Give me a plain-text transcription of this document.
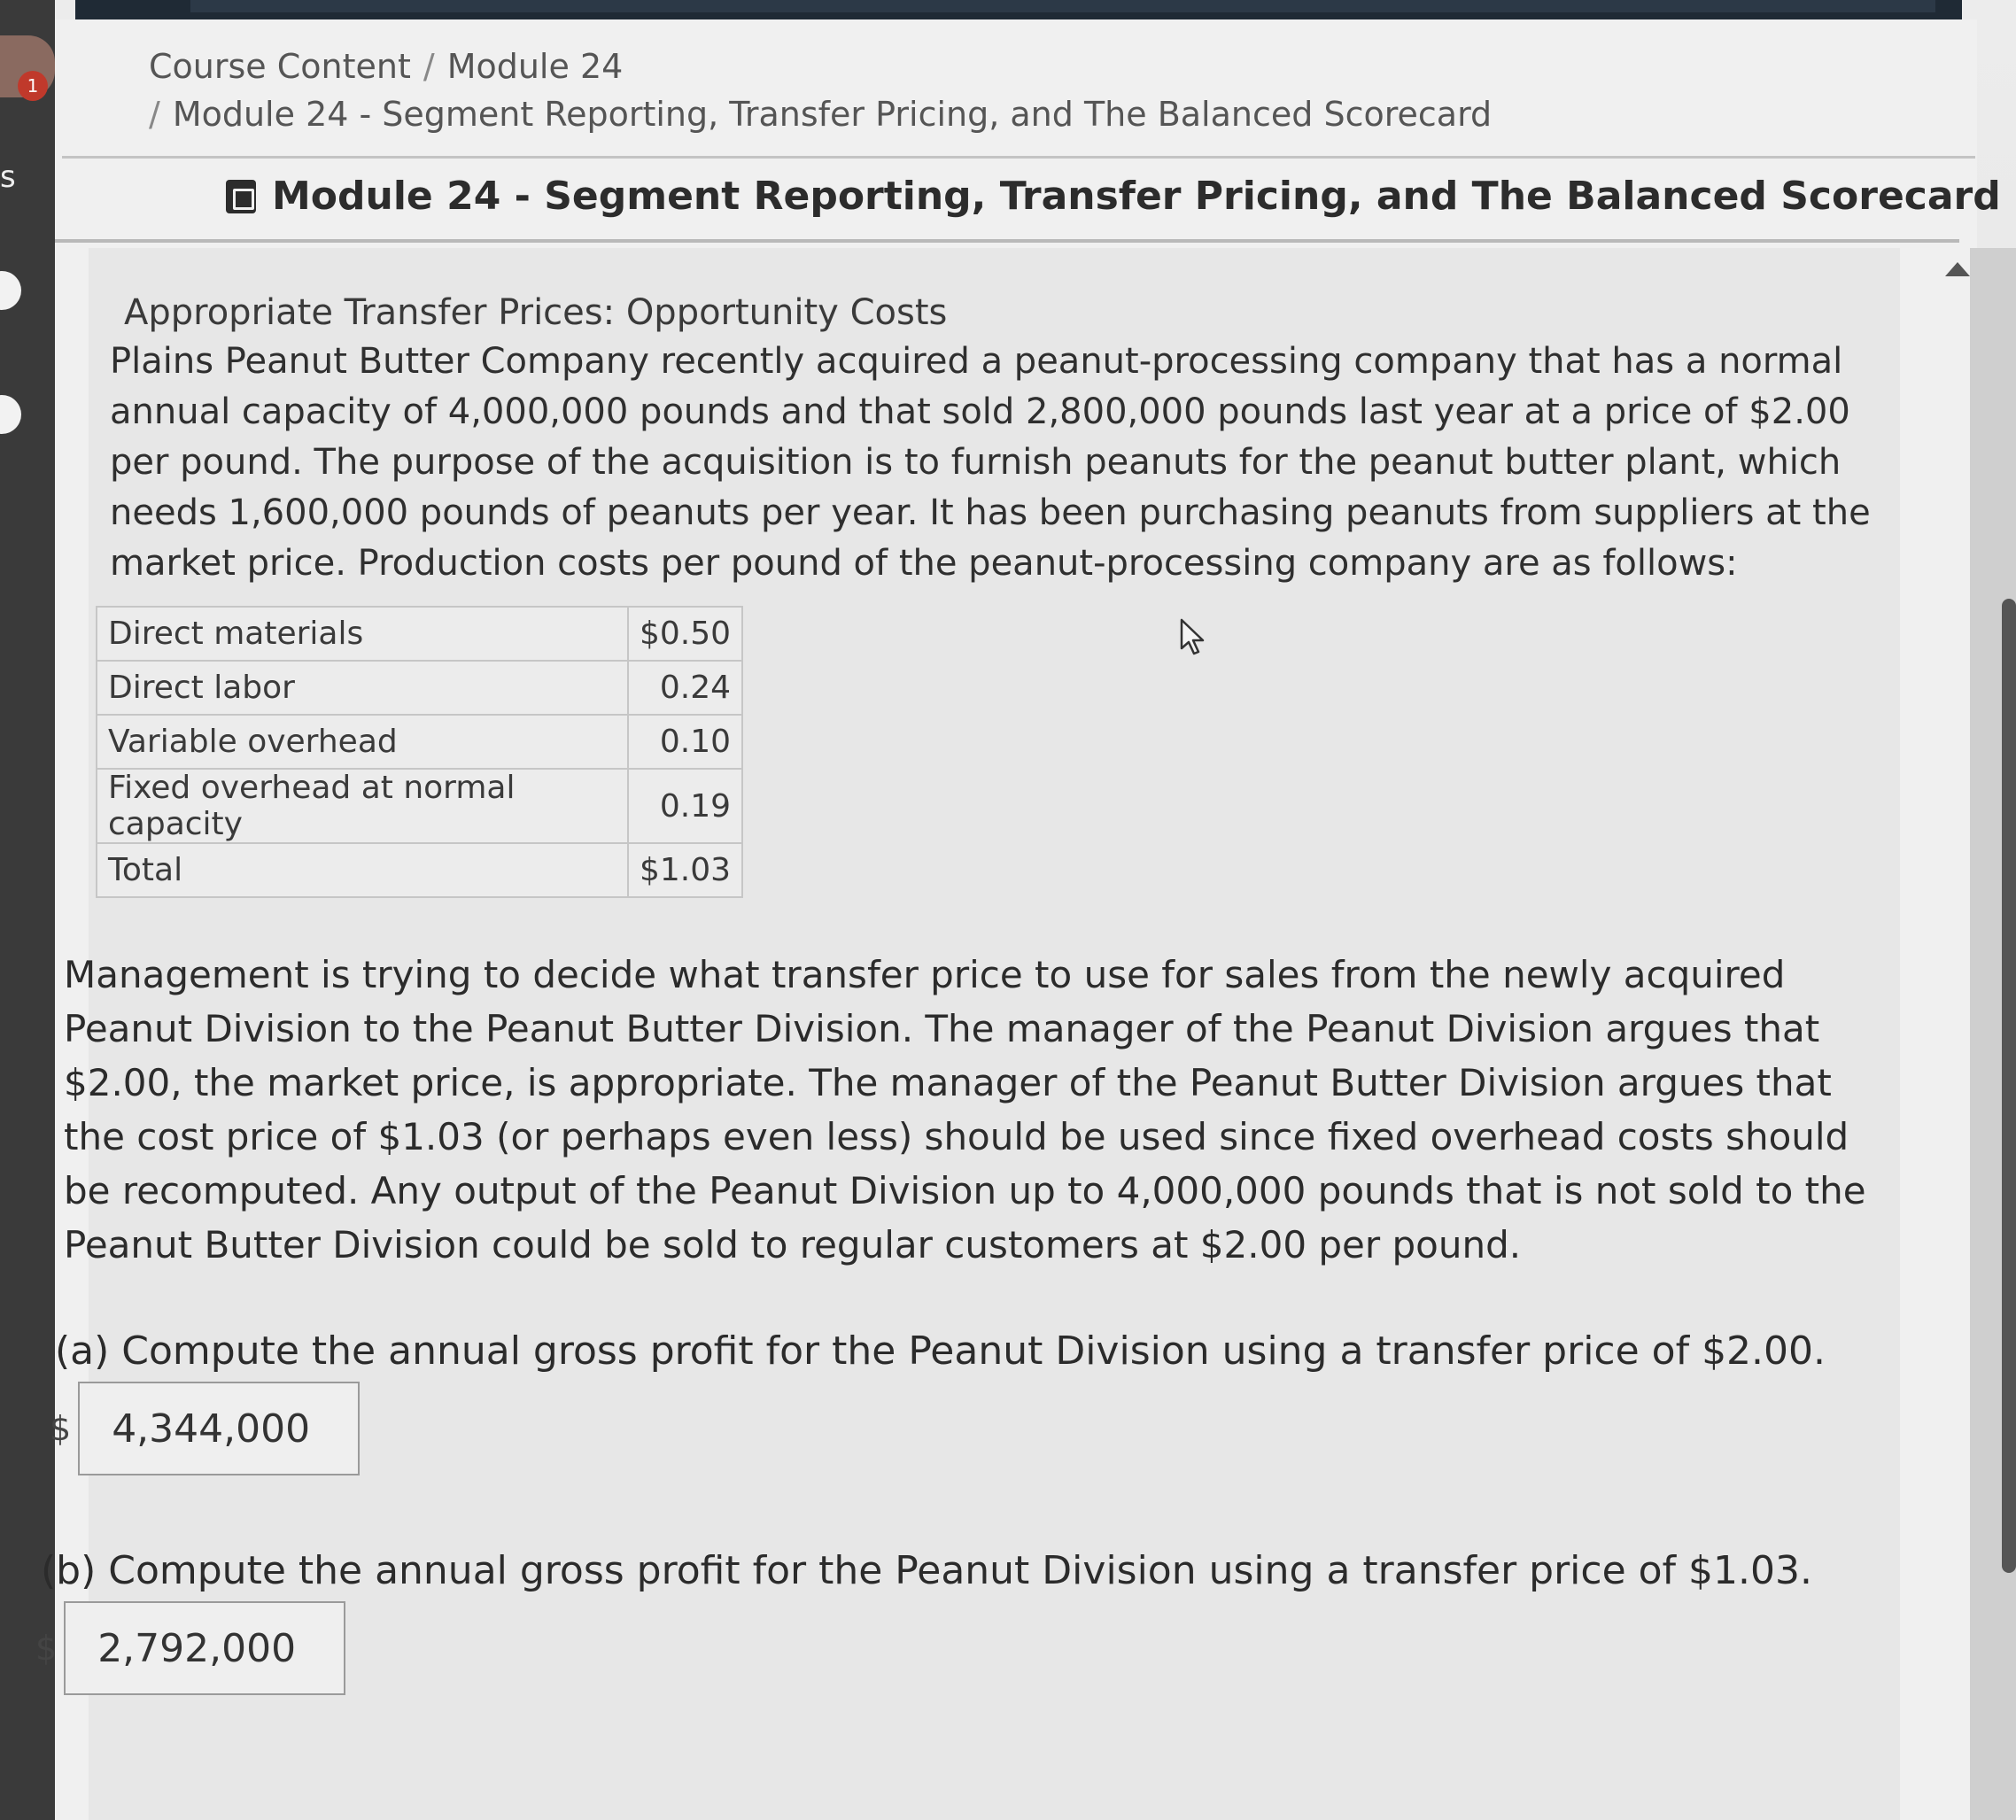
1
s
Course Content / Module 24
/ Module 24 - Segment Reporting, Transfer Pricing, and The Balanced Scorecard
Module 24 - Segment Reporting, Transfer Pricing, and The Balanced Scorecard
Appropriate Transfer Prices: Opportunity Costs
Plains Peanut Butter Company recently acquired a peanut-processing company that has a normal annual capacity of 4,000,000 pounds and that sold 2,800,000 pounds last year at a price of $2.00 per pound. The purpose of the acquisition is to furnish peanuts for the peanut butter plant, which needs 1,600,000 pounds of peanuts per year. It has been purchasing peanuts from suppliers at the market price. Production costs per pound of the peanut-processing company are as follows:
Direct materials	$0.50
Direct labor	0.24
Variable overhead	0.10
Fixed overhead at normal capacity	0.19
Total	$1.03
Management is trying to decide what transfer price to use for sales from the newly acquired Peanut Division to the Peanut Butter Division. The manager of the Peanut Division argues that $2.00, the market price, is appropriate. The manager of the Peanut Butter Division argues that the cost price of $1.03 (or perhaps even less) should be used since fixed overhead costs should be recomputed. Any output of the Peanut Division up to 4,000,000 pounds that is not sold to the Peanut Butter Division could be sold to regular customers at $2.00 per pound.
(a) Compute the annual gross profit for the Peanut Division using a transfer price of $2.00.
$	4,344,000
(b) Compute the annual gross profit for the Peanut Division using a transfer price of $1.03.
$	2,792,000
